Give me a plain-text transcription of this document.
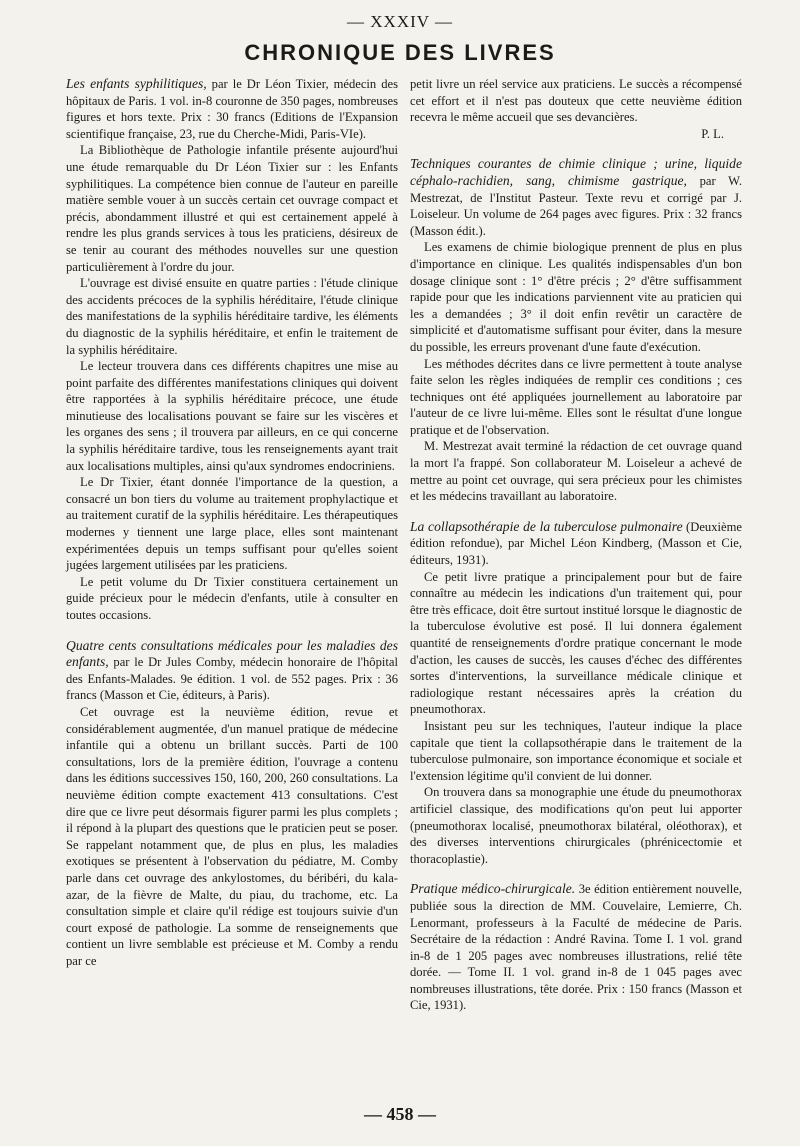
— XXXIV —
CHRONIQUE DES LIVRES

Les enfants syphilitiques, par le Dr Léon Tixier, médecin des hôpitaux de Paris. 1 vol. in-8 couronne de 350 pages, nombreuses figures et hors texte. Prix : 30 francs (Editions de l'Expansion scientifique française, 23, rue du Cherche-Midi, Paris-VIe).

La Bibliothèque de Pathologie infantile présente aujourd'hui une étude remarquable du Dr Léon Tixier sur : les Enfants syphilitiques. La compétence bien connue de l'auteur en pareille matière semble vouer à un succès certain cet ouvrage compact et précis, abondamment illustré et qui est certainement appelé à rendre les plus grands services à tous les praticiens, désireux de se tenir au courant des méthodes nouvelles sur une question particulièrement à l'ordre du jour.

L'ouvrage est divisé ensuite en quatre parties : l'étude clinique des accidents précoces de la syphilis héréditaire, l'étude clinique des manifestations de la syphilis héréditaire tardive, les éléments du diagnostic de la syphilis héréditaire, et enfin le traitement de la syphilis héréditaire.

Le lecteur trouvera dans ces différents chapitres une mise au point parfaite des différentes manifestations cliniques qui doivent être rapportées à la syphilis héréditaire précoce, une étude minutieuse des localisations pouvant se faire sur les viscères et les organes des sens ; il trouvera par ailleurs, en ce qui concerne la syphilis héréditaire tardive, tous les renseignements ayant trait aux localisations multiples, ainsi qu'aux syndromes endocriniens.

Le Dr Tixier, étant donnée l'importance de la question, a consacré un bon tiers du volume au traitement prophylactique et au traitement curatif de la syphilis héréditaire. Les thérapeutiques modernes y tiennent une large place, elles sont maintenant expérimentées depuis un temps suffisant pour qu'elles soient jugées largement utilisées par les praticiens.

Le petit volume du Dr Tixier constituera certainement un guide précieux pour le médecin d'enfants, utile à consulter en toutes occasions.

Quatre cents consultations médicales pour les maladies des enfants, par le Dr Jules Comby, médecin honoraire de l'hôpital des Enfants-Malades. 9e édition. 1 vol. de 552 pages. Prix : 36 francs (Masson et Cie, éditeurs, à Paris).

Cet ouvrage est la neuvième édition, revue et considérablement augmentée, d'un manuel pratique de médecine infantile qui a obtenu un brillant succès. Parti de 100 consultations, lors de la première édition, l'ouvrage a contenu dans les éditions successives 150, 160, 200, 260 consultations. La neuvième édition compte exactement 413 consultations. C'est dire que ce livre peut désormais figurer parmi les plus complets ; il répond à la plupart des questions que le praticien peut se poser. Se rappelant notamment que, de plus en plus, les maladies exotiques se présentent à l'observation du pédiatre, M. Comby parle dans cet ouvrage des ankylostomes, du béribéri, du kala-azar, de la fièvre de Malte, du piau, du trachome, etc. La consultation simple et claire qu'il rédige est toujours suivie d'un court exposé de pathologie. La somme de renseignements que contient un livre semblable est précieuse et M. Comby a rendu par ce

petit livre un réel service aux praticiens. Le succès a récompensé cet effort et il n'est pas douteux que cette neuvième édition recevra le même accueil que ses devancières.

P. L.

Techniques courantes de chimie clinique ; urine, liquide céphalo-rachidien, sang, chimisme gastrique, par W. Mestrezat, de l'Institut Pasteur. Texte revu et corrigé par J. Loiseleur. Un volume de 264 pages avec figures. Prix : 32 francs (Masson édit.).

Les examens de chimie biologique prennent de plus en plus d'importance en clinique. Les qualités indispensables d'un bon dosage clinique sont : 1° d'être précis ; 2° d'être suffisamment rapide pour que les indications parviennent vite au praticien qui les a demandées ; 3° il doit enfin revêtir un caractère de simplicité et d'automatisme suffisant pour éviter, dans la mesure du possible, les erreurs provenant d'une faute d'exécution.

Les méthodes décrites dans ce livre permettent à toute analyse faite selon les règles indiquées de remplir ces conditions ; ces techniques ont été appliquées journellement au laboratoire par l'auteur de ce livre lui-même. Elles sont le résultat d'une longue pratique et de l'observation.

M. Mestrezat avait terminé la rédaction de cet ouvrage quand la mort l'a frappé. Son collaborateur M. Loiseleur a achevé de mettre au point cet ouvrage, qui sera précieux pour les chimistes et les médecins travaillant au laboratoire.

La collapsothérapie de la tuberculose pulmonaire (Deuxième édition refondue), par Michel Léon Kindberg, (Masson et Cie, éditeurs, 1931).

Ce petit livre pratique a principalement pour but de faire connaître au médecin les indications d'un traitement qui, pour être très efficace, doit être surtout institué lorsque le diagnostic de la tuberculose évolutive est posé. Il lui donnera également quantité de renseignements d'ordre pratique concernant le mode d'action, les causes de succès, les causes d'échec des différentes sortes d'interventions, la surveillance médicale clinique et radiologique restant nécessaires après la création du pneumothorax.

Insistant peu sur les techniques, l'auteur indique la place capitale que tient la collapsothérapie dans le traitement de la tuberculose pulmonaire, son importance économique et sociale et l'extension légitime qu'il convient de lui donner.

On trouvera dans sa monographie une étude du pneumothorax artificiel classique, des modifications qu'on peut lui apporter (pneumothorax localisé, pneumothorax bilatéral, oléothorax), et des diverses interventions chirurgicales (phrénicectomie et thoracoplastie).

Pratique médico-chirurgicale. 3e édition entièrement nouvelle, publiée sous la direction de MM. Couvelaire, Lemierre, Ch. Lenormant, professeurs à la Faculté de médecine de Paris. Secrétaire de la rédaction : André Ravina. Tome I. 1 vol. grand in-8 de 1 205 pages avec nombreuses illustrations, relié tête dorée. — Tome II. 1 vol. grand in-8 de 1 045 pages avec nombreuses illustrations, tête dorée. Prix : 150 francs (Masson et Cie, 1931).

— 458 —
